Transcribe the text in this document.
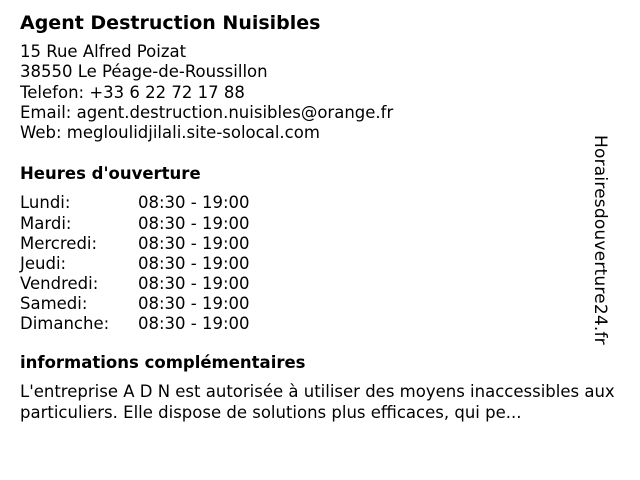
Agent Destruction Nuisibles
15 Rue Alfred Poizat
38550 Le Péage-de-Roussillon
Telefon: +33 6 22 72 17 88
Email: agent.destruction.nuisibles@orange.fr
Web: megloulidjilali.site-solocal.com
Heures d'ouverture
Lundi:	08:30 - 19:00
Mardi:	08:30 - 19:00
Mercredi:	08:30 - 19:00
Jeudi:	08:30 - 19:00
Vendredi:	08:30 - 19:00
Samedi:	08:30 - 19:00
Dimanche:	08:30 - 19:00
informations complémentaires
L'entreprise A D N est autorisée à utiliser des moyens inaccessibles aux particuliers. Elle dispose de solutions plus efficaces, qui pe...
Horairesdouverture24.fr
